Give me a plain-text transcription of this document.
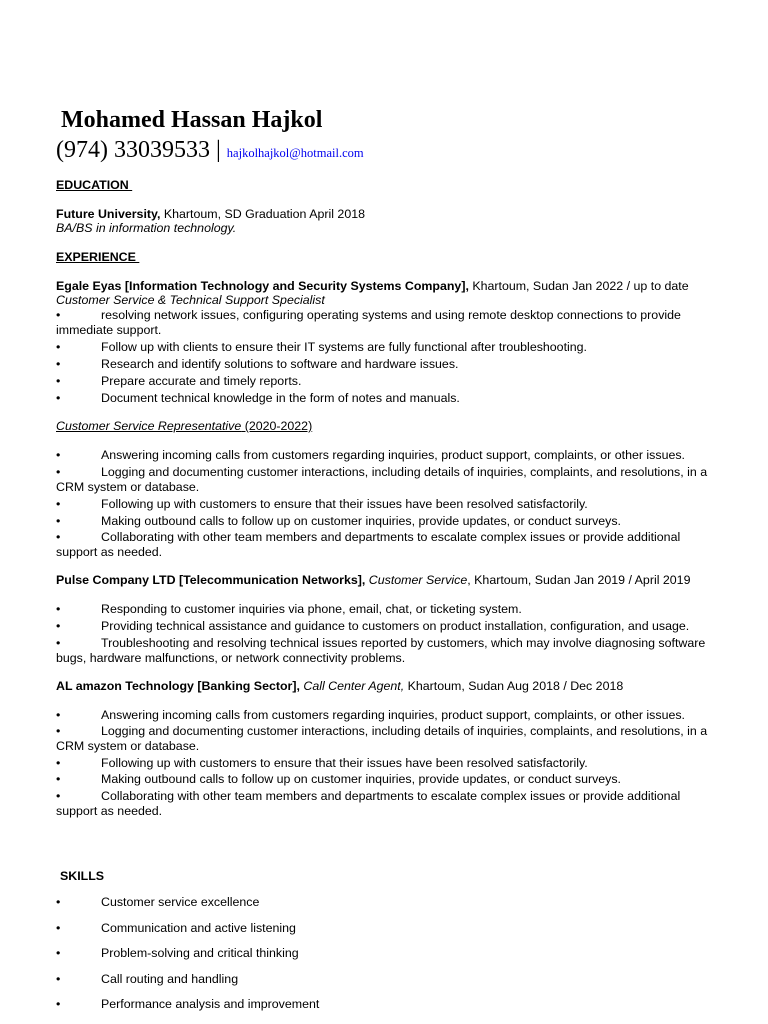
Mohamed Hassan Hajkol
(974) 33039533 | hajkolhajkol@hotmail.com
EDUCATION
Future University, Khartoum, SD Graduation April 2018
BA/BS in information technology.
EXPERIENCE
Egale Eyas [Information Technology and Security Systems Company], Khartoum, Sudan Jan 2022 / up to date
Customer Service & Technical Support Specialist
•	resolving network issues, configuring operating systems and using remote desktop connections to provide immediate support.
•	Follow up with clients to ensure their IT systems are fully functional after troubleshooting.
•	Research and identify solutions to software and hardware issues.
•	Prepare accurate and timely reports.
•	Document technical knowledge in the form of notes and manuals.
Customer Service Representative (2020-2022)
•	Answering incoming calls from customers regarding inquiries, product support, complaints, or other issues.
•	Logging and documenting customer interactions, including details of inquiries, complaints, and resolutions, in a CRM system or database.
•	Following up with customers to ensure that their issues have been resolved satisfactorily.
•	Making outbound calls to follow up on customer inquiries, provide updates, or conduct surveys.
•	Collaborating with other team members and departments to escalate complex issues or provide additional support as needed.
Pulse Company LTD [Telecommunication Networks], Customer Service, Khartoum, Sudan Jan 2019 / April 2019
•	Responding to customer inquiries via phone, email, chat, or ticketing system.
•	Providing technical assistance and guidance to customers on product installation, configuration, and usage.
•	Troubleshooting and resolving technical issues reported by customers, which may involve diagnosing software bugs, hardware malfunctions, or network connectivity problems.
AL amazon Technology [Banking Sector], Call Center Agent, Khartoum, Sudan Aug 2018 / Dec 2018
•	Answering incoming calls from customers regarding inquiries, product support, complaints, or other issues.
•	Logging and documenting customer interactions, including details of inquiries, complaints, and resolutions, in a CRM system or database.
•	Following up with customers to ensure that their issues have been resolved satisfactorily.
•	Making outbound calls to follow up on customer inquiries, provide updates, or conduct surveys.
•	Collaborating with other team members and departments to escalate complex issues or provide additional support as needed.
SKILLS
•	Customer service excellence
•	Communication and active listening
•	Problem-solving and critical thinking
•	Call routing and handling
•	Performance analysis and improvement
